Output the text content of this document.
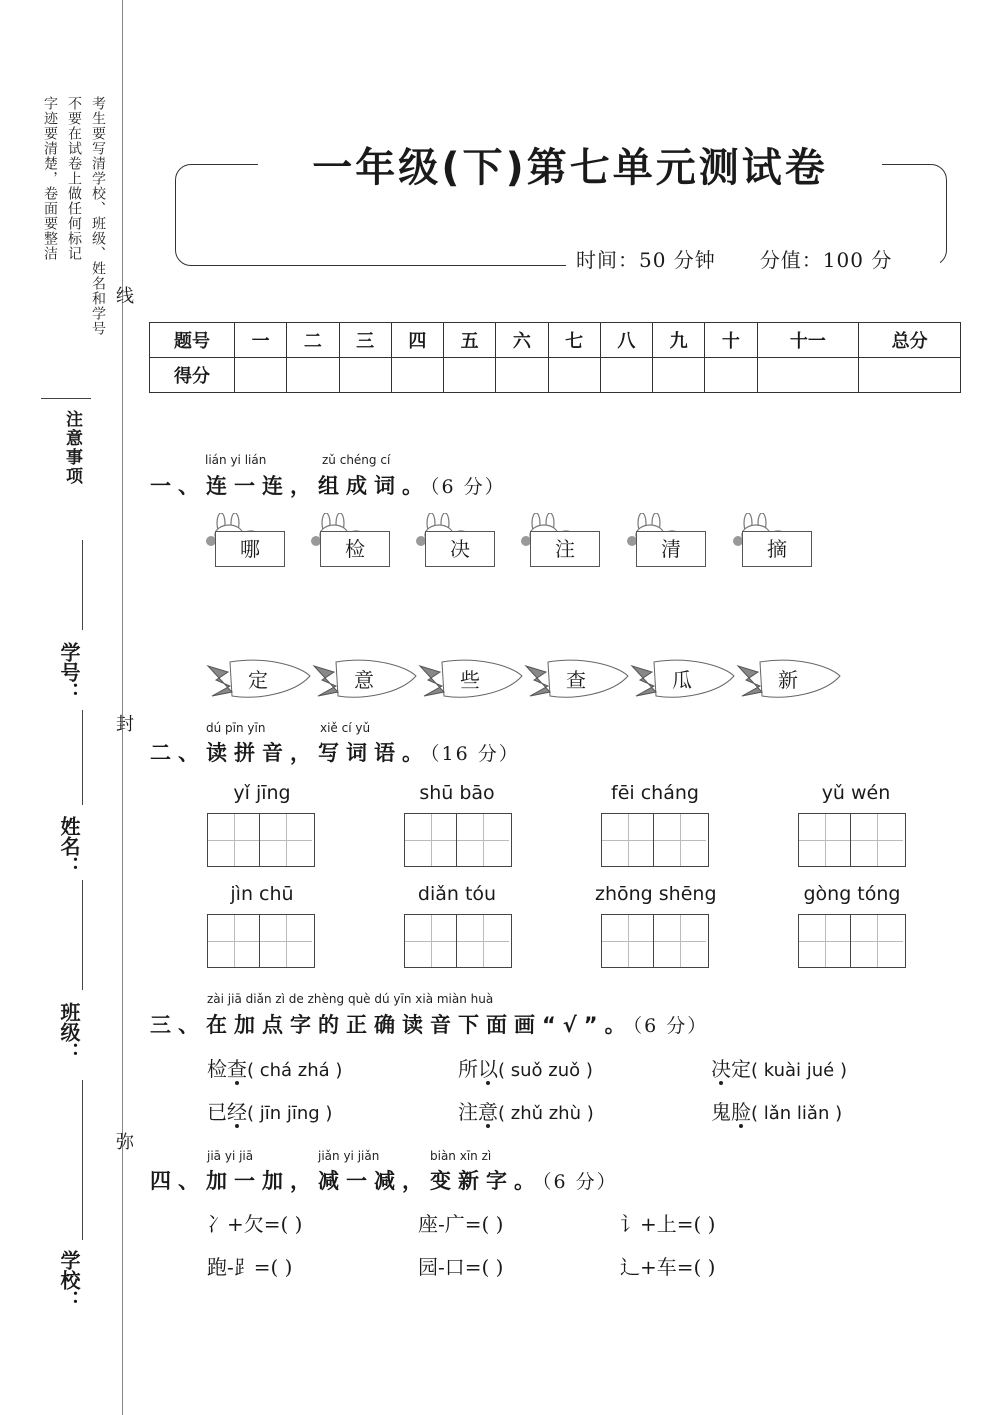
考生要写清学校、班级、姓名和学号
不要在试卷上做任何标记
字迹要清楚，卷面要整洁
注意事项
学号：
姓名：
班级：
学校：
线
封
弥
一年级(下)第七单元测试卷
时间：50 分钟 分值：100 分
题号	一	二	三	四	五	六	七	八	九	十	十一	总分
得分												
lián yi lián	zǔ chéng cí
一、连一连，组成词。（6 分）
哪	检	决	注	清	摘
定	意	些	查	瓜	新
dú pīn yīn	xiě cí yǔ
二、读拼音，写词语。（16 分）
yǐ jīng	shū bāo	fēi cháng	yǔ wén
jìn chū	diǎn tóu	zhōng shēng	gòng tóng
zài jiā diǎn zì de zhèng què dú yīn xià miàn huà
三、在加点字的正确读音下面画“√”。（6 分）
检查( chá zhá )	所以( suǒ zuǒ )	决定( kuài jué )
已经( jīn jīng )	注意( zhǔ zhù )	鬼脸( lǎn liǎn )
jiā yi jiā	jiǎn yi jiǎn	biàn xīn zì
四、加一加，减一减，变新字。（6 分）
冫+欠=( )	座-广=( )	讠+上=( )
跑-⻊=( )	园-口=( )	辶+车=( )
